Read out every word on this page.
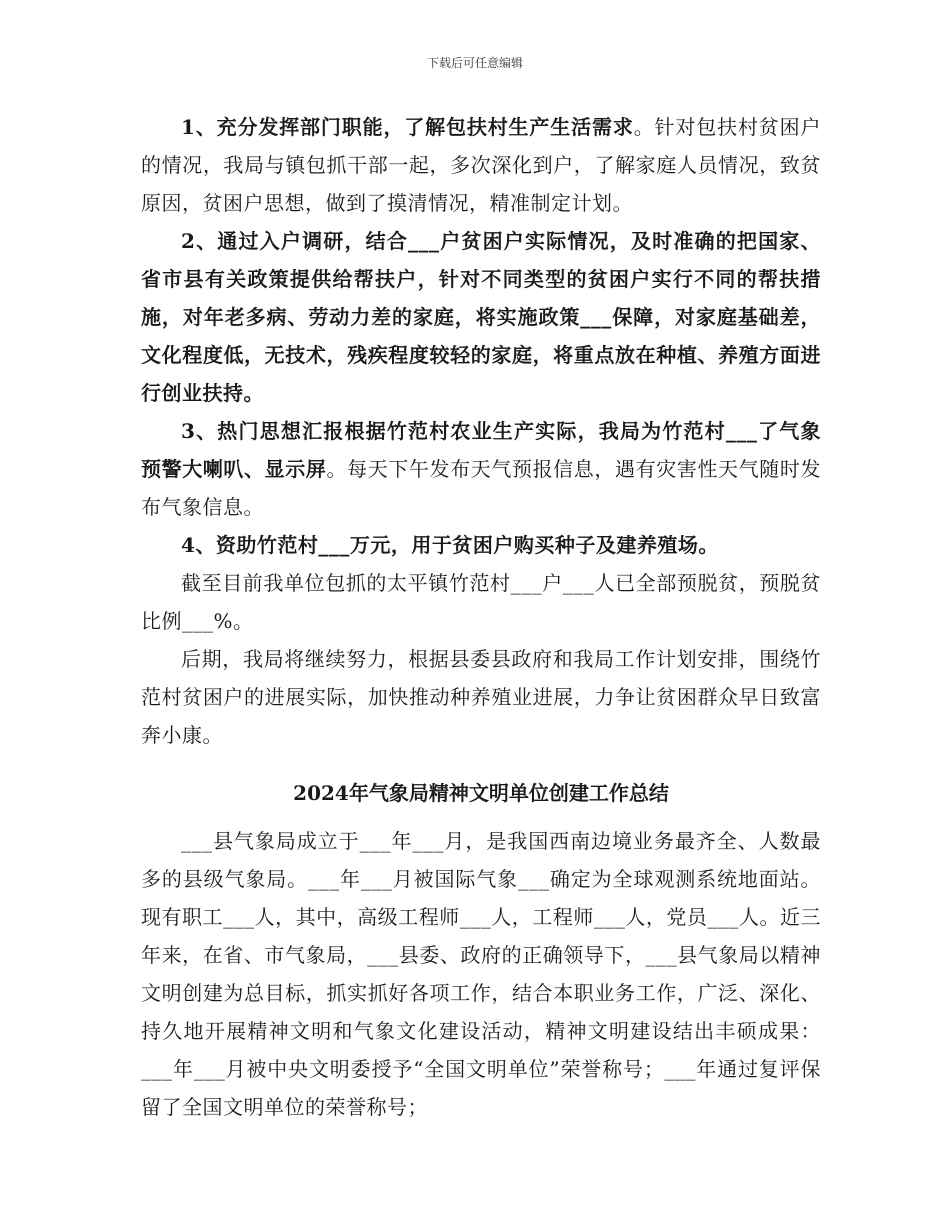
下载后可任意编辑

1、充分发挥部门职能，了解包扶村生产生活需求。针对包扶村贫困户的情况，我局与镇包抓干部一起，多次深化到户，了解家庭人员情况，致贫原因，贫困户思想，做到了摸清情况，精准制定计划。

2、通过入户调研，结合___户贫困户实际情况，及时准确的把国家、省市县有关政策提供给帮扶户，针对不同类型的贫困户实行不同的帮扶措施，对年老多病、劳动力差的家庭，将实施政策___保障，对家庭基础差，文化程度低，无技术，残疾程度较轻的家庭，将重点放在种植、养殖方面进行创业扶持。

3、热门思想汇报根据竹范村农业生产实际，我局为竹范村___了气象预警大喇叭、显示屏。每天下午发布天气预报信息，遇有灾害性天气随时发布气象信息。

4、资助竹范村___万元，用于贫困户购买种子及建养殖场。

截至目前我单位包抓的太平镇竹范村___户___人已全部预脱贫，预脱贫比例___%。

后期，我局将继续努力，根据县委县政府和我局工作计划安排，围绕竹范村贫困户的进展实际，加快推动种养殖业进展，力争让贫困群众早日致富奔小康。

2024年气象局精神文明单位创建工作总结

___县气象局成立于___年___月，是我国西南边境业务最齐全、人数最多的县级气象局。___年___月被国际气象___确定为全球观测系统地面站。现有职工___人，其中，高级工程师___人，工程师___人，党员___人。近三年来，在省、市气象局，___县委、政府的正确领导下，___县气象局以精神文明创建为总目标，抓实抓好各项工作，结合本职业务工作，广泛、深化、持久地开展精神文明和气象文化建设活动，精神文明建设结出丰硕成果：___年___月被中央文明委授予“全国文明单位”荣誉称号；___年通过复评保留了全国文明单位的荣誉称号；
